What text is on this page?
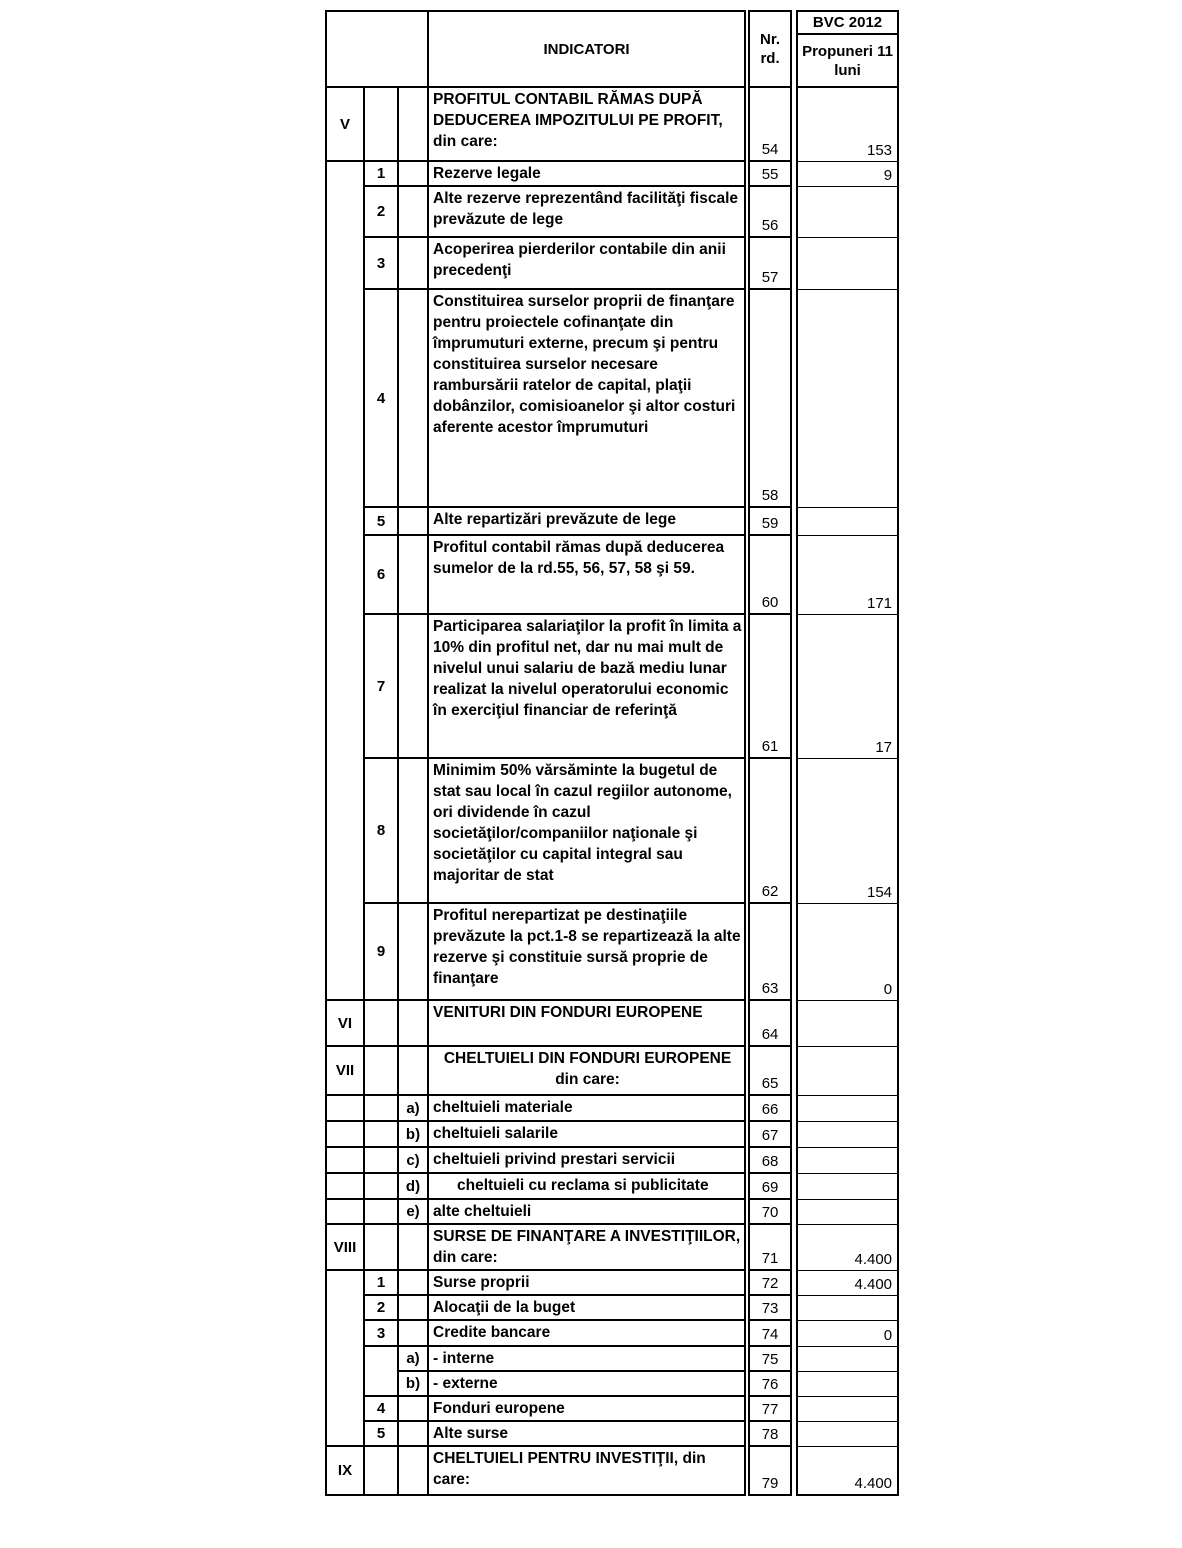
			INDICATORI		Nr. rd.		BVC 2012
							Propuneri 11 luni
V			PROFITUL CONTABIL RĂMAS DUPĂ DEDUCEREA IMPOZITULUI PE PROFIT, din care:		54		153
	1		Rezerve legale		55		9
	2		Alte rezerve reprezentând facilităţi fiscale prevăzute de lege		56		
	3		Acoperirea pierderilor contabile din anii precedenţi		57		
	4		Constituirea surselor proprii de finanţare pentru proiectele cofinanţate din împrumuturi externe, precum şi pentru constituirea surselor necesare rambursării ratelor de capital, plaţii dobânzilor, comisioanelor şi altor costuri aferente acestor împrumuturi		58		
	5		Alte repartizări prevăzute de lege		59		
	6		Profitul contabil rămas după deducerea sumelor de la rd.55, 56, 57, 58 şi 59.		60		171
	7		Participarea salariaţilor la profit în limita a 10% din profitul net, dar nu mai mult de nivelul unui salariu de bază mediu lunar realizat la nivelul operatorului economic în exerciţiul financiar de referinţă		61		17
	8		Minimim 50% vărsăminte la bugetul de stat sau local în cazul regiilor autonome, ori dividende în cazul societăţilor/companiilor naţionale şi societăţilor cu capital integral sau majoritar de stat		62		154
	9		Profitul nerepartizat pe destinaţiile prevăzute la pct.1-8 se repartizează la alte rezerve şi constituie sursă proprie de finanţare		63		0
VI			VENITURI DIN FONDURI EUROPENE		64		
VII			CHELTUIELI DIN FONDURI EUROPENE din care:		65		
		a)	cheltuieli materiale		66		
		b)	cheltuieli salarile		67		
		c)	cheltuieli privind prestari servicii		68		
		d)	cheltuieli cu reclama si publicitate		69		
		e)	alte cheltuieli		70		
VIII			SURSE DE FINANŢARE A INVESTIŢIILOR, din care:		71		4.400
	1		Surse proprii		72		4.400
	2		Alocaţii de la buget		73		
	3		Credite bancare		74		0
		a)	- interne		75		
		b)	- externe		76		
	4		Fonduri europene		77		
	5		Alte surse		78		
IX			CHELTUIELI PENTRU INVESTIŢII, din care:		79		4.400
